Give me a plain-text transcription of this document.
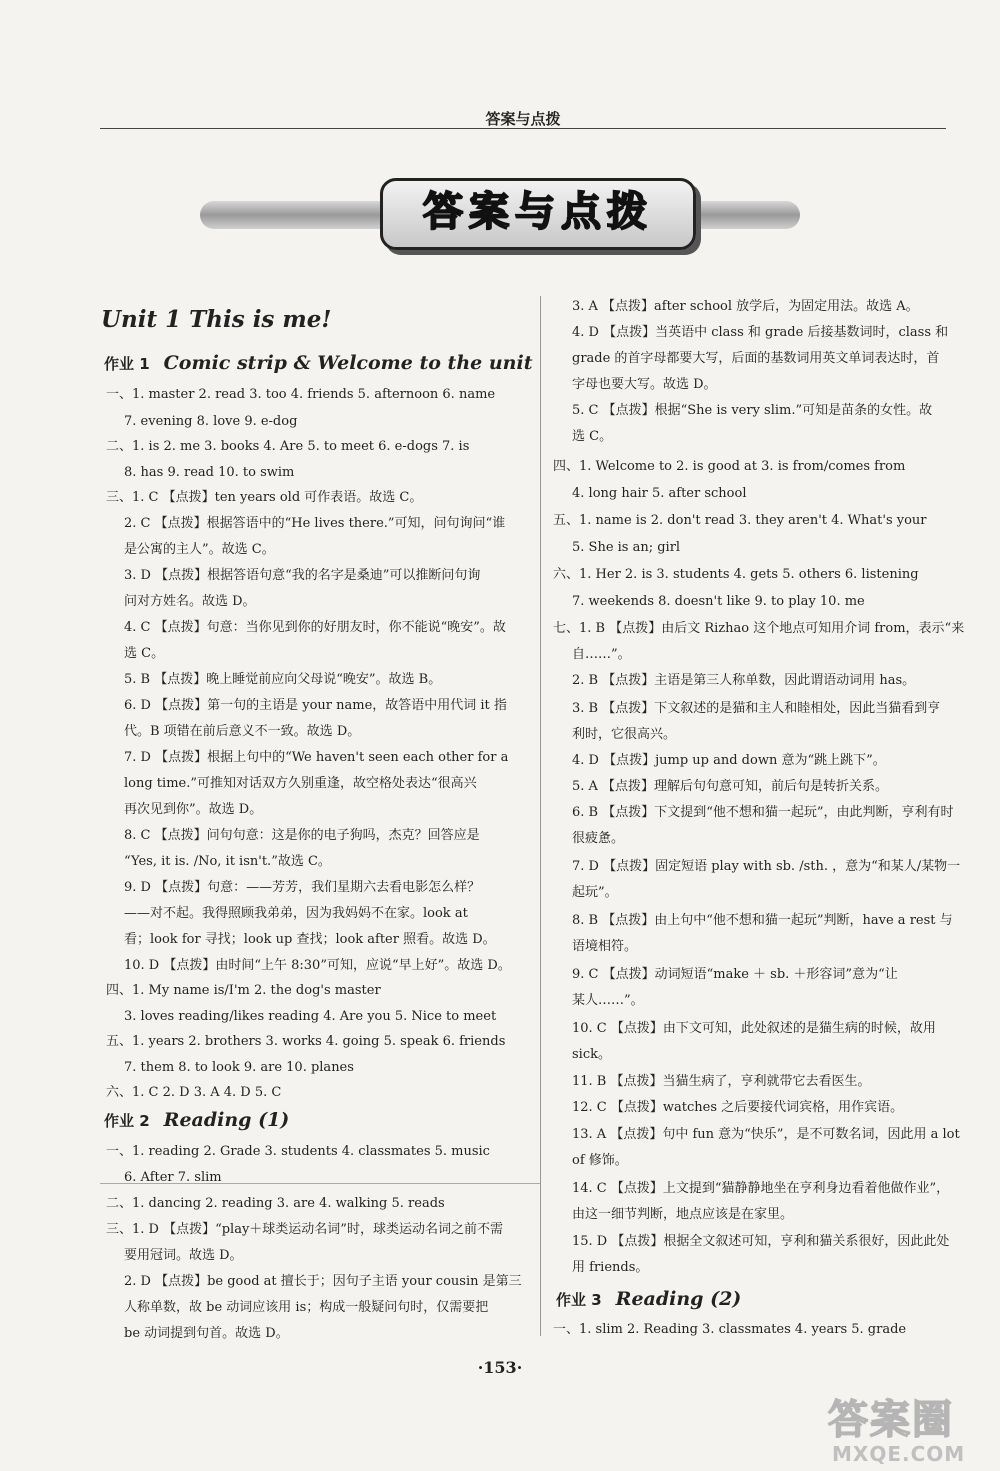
答案与点拨
答案与点拨
Unit 1 This is me!
作业 1 Comic strip & Welcome to the unit
一、1. master 2. read 3. too 4. friends 5. afternoon 6. name
7. evening 8. love 9. e-dog
二、1. is 2. me 3. books 4. Are 5. to meet 6. e-dogs 7. is
8. has 9. read 10. to swim
三、1. C 【点拨】ten years old 可作表语。故选 C。
2. C 【点拨】根据答语中的“He lives there.”可知，问句询问“谁
是公寓的主人”。故选 C。
3. D 【点拨】根据答语句意“我的名字是桑迪”可以推断问句询
问对方姓名。故选 D。
4. C 【点拨】句意：当你见到你的好朋友时，你不能说“晚安”。故
选 C。
5. B 【点拨】晚上睡觉前应向父母说“晚安”。故选 B。
6. D 【点拨】第一句的主语是 your name，故答语中用代词 it 指
代。B 项错在前后意义不一致。故选 D。
7. D 【点拨】根据上句中的“We haven't seen each other for a
long time.”可推知对话双方久别重逢，故空格处表达“很高兴
再次见到你”。故选 D。
8. C 【点拨】问句句意：这是你的电子狗吗，杰克？回答应是
“Yes, it is. /No, it isn't.”故选 C。
9. D 【点拨】句意：——芳芳，我们星期六去看电影怎么样？
——对不起。我得照顾我弟弟，因为我妈妈不在家。look at
看；look for 寻找；look up 查找；look after 照看。故选 D。
10. D 【点拨】由时间“上午 8:30”可知，应说“早上好”。故选 D。
四、1. My name is/I'm 2. the dog's master
3. loves reading/likes reading 4. Are you 5. Nice to meet
五、1. years 2. brothers 3. works 4. going 5. speak 6. friends
7. them 8. to look 9. are 10. planes
六、1. C 2. D 3. A 4. D 5. C
作业 2 Reading (1)
一、1. reading 2. Grade 3. students 4. classmates 5. music
6. After 7. slim
二、1. dancing 2. reading 3. are 4. walking 5. reads
三、1. D 【点拨】“play＋球类运动名词”时，球类运动名词之前不需
要用冠词。故选 D。
2. D 【点拨】be good at 擅长于；因句子主语 your cousin 是第三
人称单数，故 be 动词应该用 is；构成一般疑问句时，仅需要把
be 动词提到句首。故选 D。
3. A 【点拨】after school 放学后，为固定用法。故选 A。
4. D 【点拨】当英语中 class 和 grade 后接基数词时，class 和
grade 的首字母都要大写，后面的基数词用英文单词表达时，首
字母也要大写。故选 D。
5. C 【点拨】根据“She is very slim.”可知是苗条的女性。故
选 C。
四、1. Welcome to 2. is good at 3. is from/comes from
4. long hair 5. after school
五、1. name is 2. don't read 3. they aren't 4. What's your
5. She is an; girl
六、1. Her 2. is 3. students 4. gets 5. others 6. listening
7. weekends 8. doesn't like 9. to play 10. me
七、1. B 【点拨】由后文 Rizhao 这个地点可知用介词 from，表示“来
自……”。
2. B 【点拨】主语是第三人称单数，因此谓语动词用 has。
3. B 【点拨】下文叙述的是猫和主人和睦相处，因此当猫看到亨
利时，它很高兴。
4. D 【点拨】jump up and down 意为“跳上跳下”。
5. A 【点拨】理解后句句意可知，前后句是转折关系。
6. B 【点拨】下文提到“他不想和猫一起玩”，由此判断，亨利有时
很疲惫。
7. D 【点拨】固定短语 play with sb. /sth. ，意为“和某人/某物一
起玩”。
8. B 【点拨】由上句中“他不想和猫一起玩”判断，have a rest 与
语境相符。
9. C 【点拨】动词短语“make ＋ sb. ＋形容词”意为“让
某人……”。
10. C 【点拨】由下文可知，此处叙述的是猫生病的时候，故用
sick。
11. B 【点拨】当猫生病了，亨利就带它去看医生。
12. C 【点拨】watches 之后要接代词宾格，用作宾语。
13. A 【点拨】句中 fun 意为“快乐”，是不可数名词，因此用 a lot
of 修饰。
14. C 【点拨】上文提到“猫静静地坐在亨利身边看着他做作业”，
由这一细节判断，地点应该是在家里。
15. D 【点拨】根据全文叙述可知，亨利和猫关系很好，因此此处
用 friends。
作业 3 Reading (2)
一、1. slim 2. Reading 3. classmates 4. years 5. grade
·153·
答案圈
MXQE.COM
